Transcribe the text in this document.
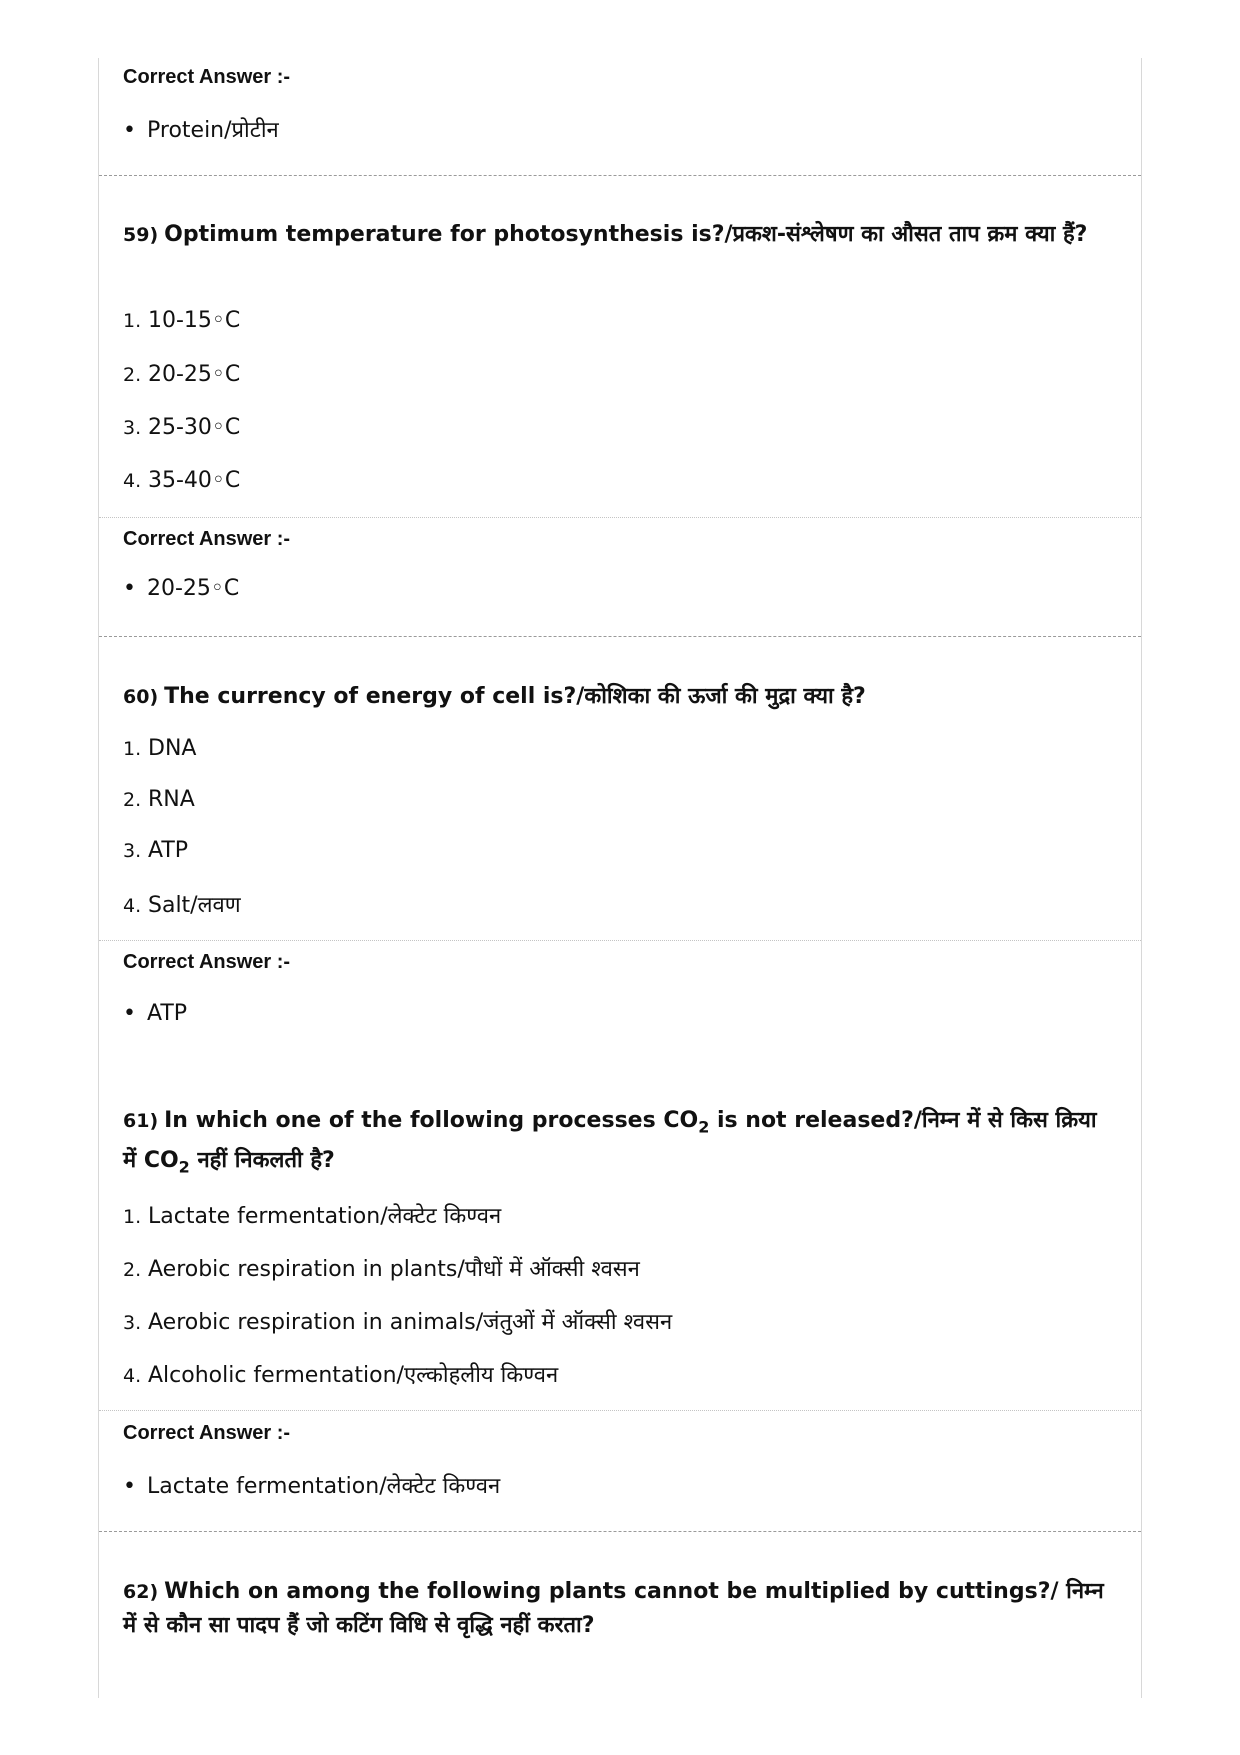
Correct Answer :-
• Protein/प्रोटीन
59) Optimum temperature for photosynthesis is?/प्रकश-संश्लेषण का औसत ताप क्रम क्या हैं?
1. 10-15◦C
2. 20-25◦C
3. 25-30◦C
4. 35-40◦C
Correct Answer :-
• 20-25◦C
60) The currency of energy of cell is?/कोशिका की ऊर्जा की मुद्रा क्या है?
1. DNA
2. RNA
3. ATP
4. Salt/लवण
Correct Answer :-
• ATP
61) In which one of the following processes $CO_2$ is not released?/निम्न में से किस क्रिया में $CO_2$ नहीं निकलती है?
1. Lactate fermentation/लेक्टेट किण्वन
2. Aerobic respiration in plants/पौधों में ऑक्सी श्वसन
3. Aerobic respiration in animals/जंतुओं में ऑक्सी श्वसन
4. Alcoholic fermentation/एल्कोहलीय किण्वन
Correct Answer :-
• Lactate fermentation/लेक्टेट किण्वन
62) Which on among the following plants cannot be multiplied by cuttings?/ निम्न में से कौन सा पादप हैं जो कटिंग विधि से वृद्धि नहीं करता?
